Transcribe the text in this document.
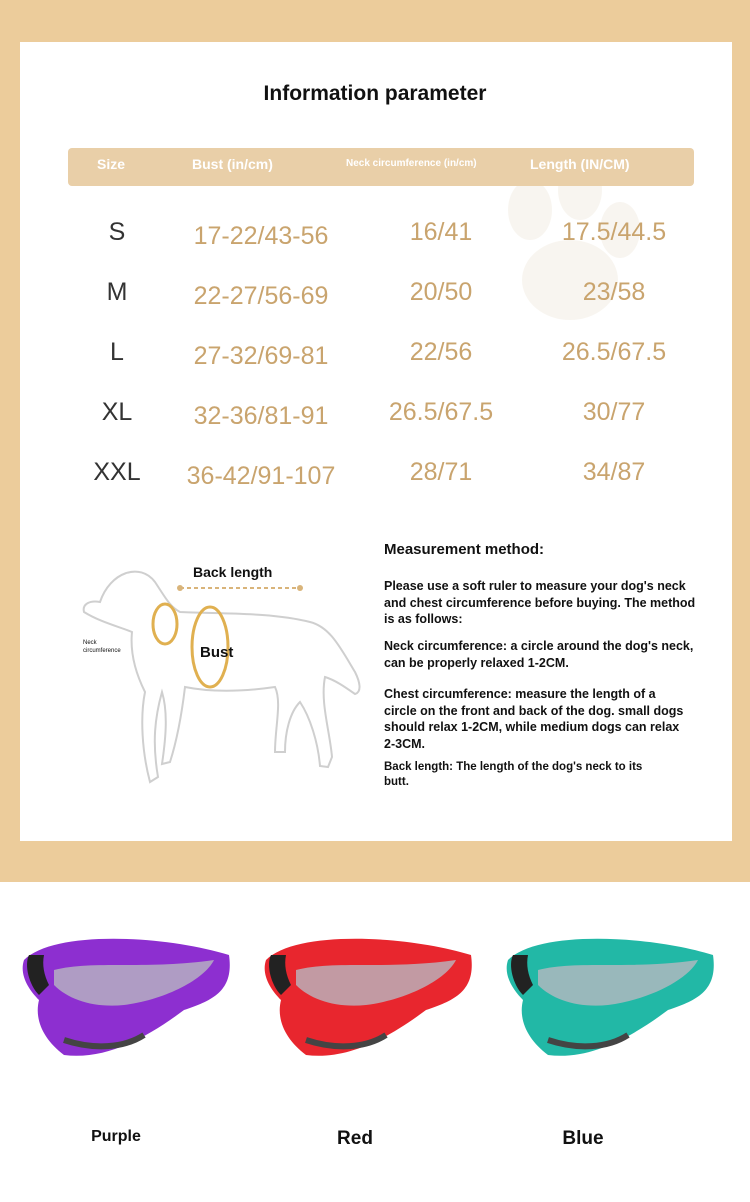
Information parameter
Size	Bust (in/cm)	Neck circumference (in/cm)	Length (IN/CM)
S	17-22/43-56	16/41	17.5/44.5
M	22-27/56-69	20/50	23/58
L	27-32/69-81	22/56	26.5/67.5
XL 32-36/81-91 26.5/67.5	30/77
XXL 36-42/91-107	28/71	34/87
Back length
Neck
circumference	Bust
Measurement method:
Please use a soft ruler to measure your dog's neck and chest circumference before buying. The method is as follows:
Neck circumference: a circle around the dog's neck, can be properly relaxed 1-2CM.
Chest circumference: measure the length of a circle on the front and back of the dog. small dogs should relax 1-2CM, while medium dogs can relax 2-3CM.
Back length: The length of the dog's neck to its butt.
Purple	Red	Blue
